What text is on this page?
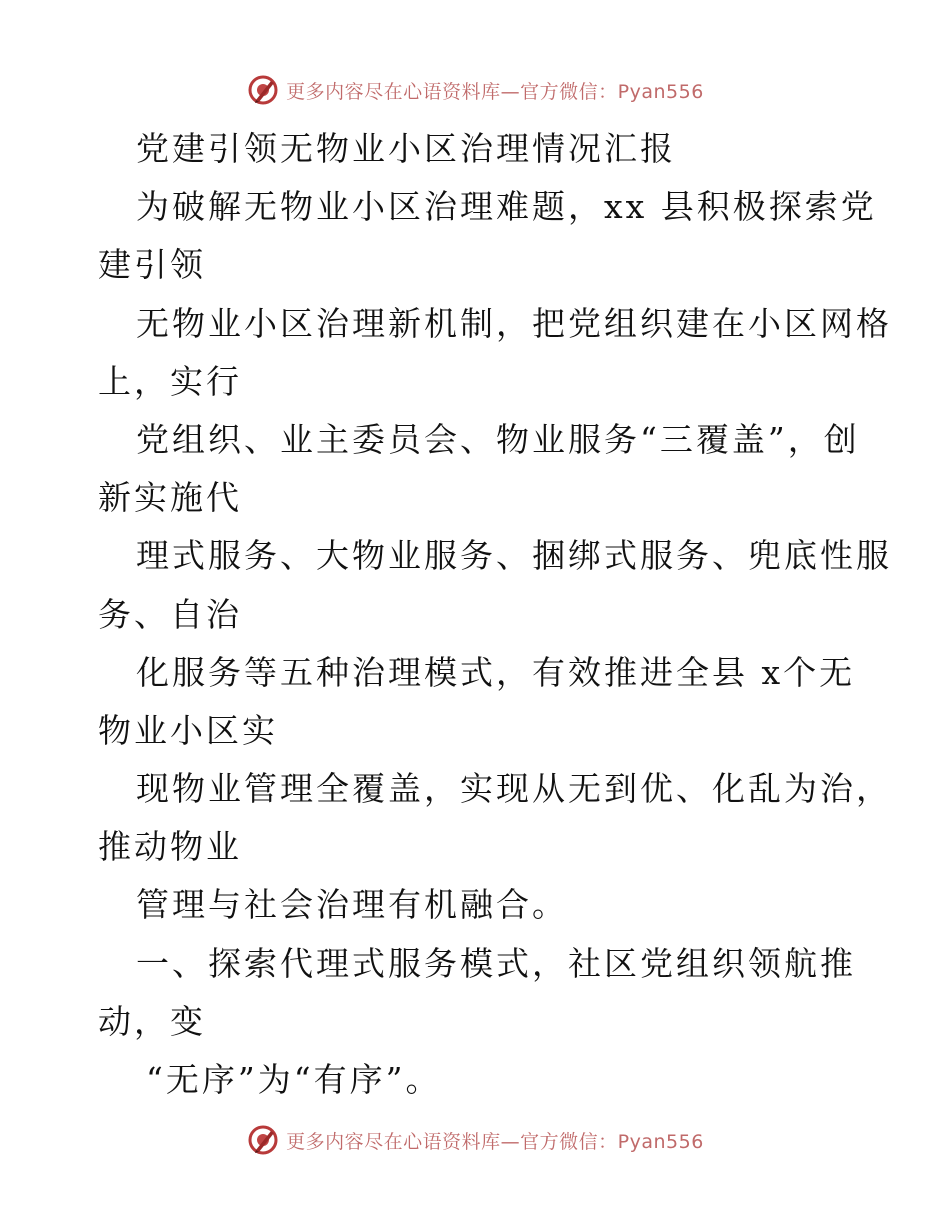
更多内容尽在心语资料库—官方微信：Pyan556
党建引领无物业小区治理情况汇报
为破解无物业小区治理难题，xx 县积极探索党
建引领
无物业小区治理新机制，把党组织建在小区网格
上，实行
党组织、业主委员会、物业服务“三覆盖”，创
新实施代
理式服务、大物业服务、捆绑式服务、兜底性服
务、自治
化服务等五种治理模式，有效推进全县 x个无
物业小区实
现物业管理全覆盖，实现从无到优、化乱为治，
推动物业
管理与社会治理有机融合。
一、探索代理式服务模式，社区党组织领航推
动，变
“无序”为“有序”。
更多内容尽在心语资料库—官方微信：Pyan556
